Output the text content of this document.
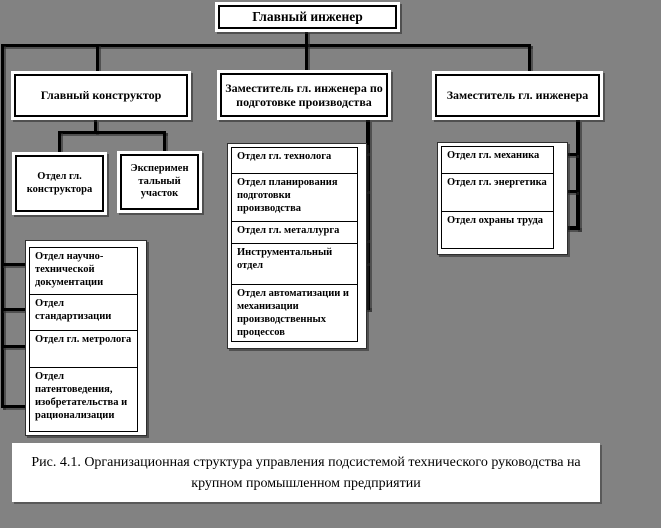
Главный инженер
Главный конструктор
Заместитель гл. инженера по подготовке производства	Заместитель гл. инженера
Отдел гл. конструктора
Эксперимен тальный участок
Отдел научно-технической документации
Отдел стандартизации
Отдел гл. метролога
Отдел патентоведения, изобретательства и рационализации
Отдел гл. технолога
Отдел планирования подготовки производства
Отдел гл. металлурга
Инструментальный отдел
Отдел автоматизации и механизации производственных процессов
Отдел гл. механика
Отдел гл. энергетика
Отдел охраны труда
Рис. 4.1. Организационная структура управления подсистемой технического руководства на крупном промышленном предприятии
